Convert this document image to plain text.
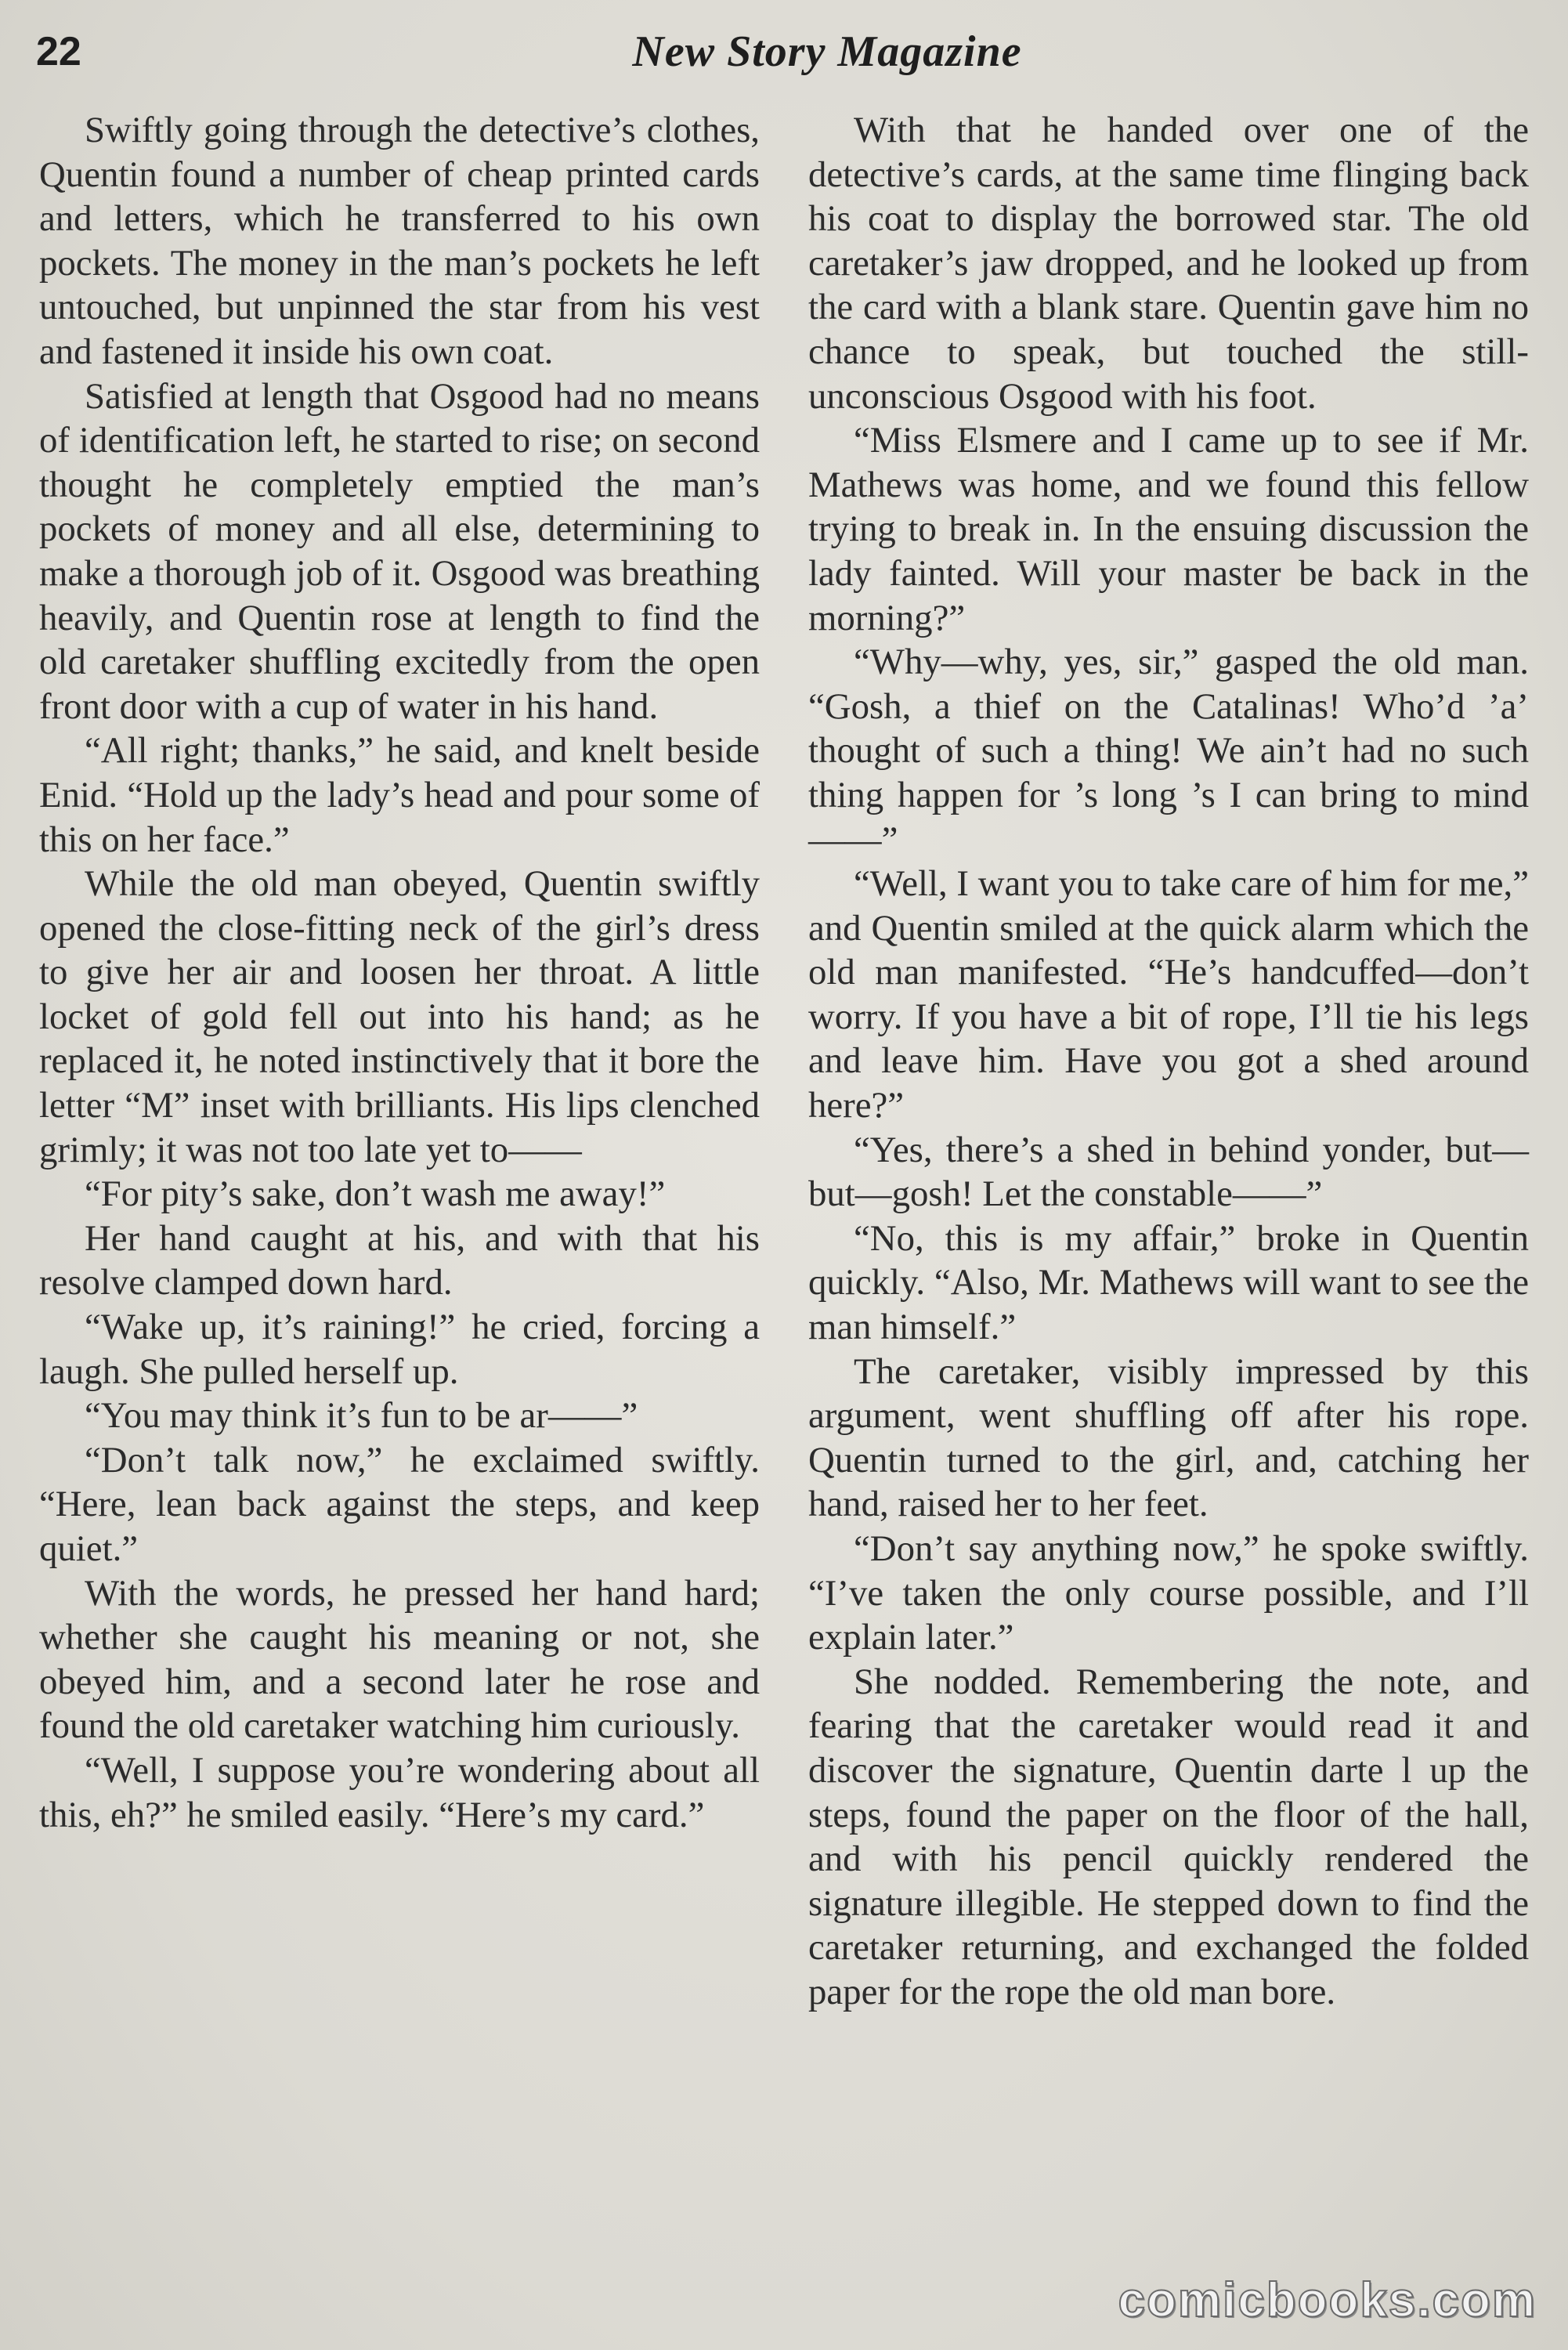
22	New Story Magazine

Swiftly going through the detective’s clothes, Quentin found a number of cheap printed cards and letters, which he transferred to his own pockets. The money in the man’s pockets he left untouched, but unpinned the star from his vest and fastened it inside his own coat.

Satisfied at length that Osgood had no means of identification left, he started to rise; on second thought he completely emptied the man’s pockets of money and all else, determining to make a thorough job of it. Osgood was breathing heavily, and Quentin rose at length to find the old caretaker shuffling excitedly from the open front door with a cup of water in his hand.

“All right; thanks,” he said, and knelt beside Enid. “Hold up the lady’s head and pour some of this on her face.”

While the old man obeyed, Quentin swiftly opened the close-fitting neck of the girl’s dress to give her air and loosen her throat. A little locket of gold fell out into his hand; as he replaced it, he noted instinctively that it bore the letter “M” inset with brilliants. His lips clenched grimly; it was not too late yet to——

“For pity’s sake, don’t wash me away!”

Her hand caught at his, and with that his resolve clamped down hard.

“Wake up, it’s raining!” he cried, forcing a laugh. She pulled herself up.

“You may think it’s fun to be ar——”

“Don’t talk now,” he exclaimed swiftly. “Here, lean back against the steps, and keep quiet.”

With the words, he pressed her hand hard; whether she caught his meaning or not, she obeyed him, and a second later he rose and found the old caretaker watching him curiously.

“Well, I suppose you’re wondering about all this, eh?” he smiled easily. “Here’s my card.”

With that he handed over one of the detective’s cards, at the same time flinging back his coat to display the borrowed star. The old caretaker’s jaw dropped, and he looked up from the card with a blank stare. Quentin gave him no chance to speak, but touched the still-unconscious Osgood with his foot.

“Miss Elsmere and I came up to see if Mr. Mathews was home, and we found this fellow trying to break in. In the ensuing discussion the lady fainted. Will your master be back in the morning?”

“Why—why, yes, sir,” gasped the old man. “Gosh, a thief on the Catalinas! Who’d ’a’ thought of such a thing! We ain’t had no such thing happen for ’s long ’s I can bring to mind——”

“Well, I want you to take care of him for me,” and Quentin smiled at the quick alarm which the old man manifested. “He’s handcuffed—don’t worry. If you have a bit of rope, I’ll tie his legs and leave him. Have you got a shed around here?”

“Yes, there’s a shed in behind yonder, but—but—gosh! Let the constable——”

“No, this is my affair,” broke in Quentin quickly. “Also, Mr. Mathews will want to see the man himself.”

The caretaker, visibly impressed by this argument, went shuffling off after his rope. Quentin turned to the girl, and, catching her hand, raised her to her feet.

“Don’t say anything now,” he spoke swiftly. “I’ve taken the only course possible, and I’ll explain later.”

She nodded. Remembering the note, and fearing that the caretaker would read it and discover the signature, Quentin darte l up the steps, found the paper on the floor of the hall, and with his pencil quickly rendered the signature illegible. He stepped down to find the caretaker returning, and exchanged the folded paper for the rope the old man bore.

comicbooks.com
